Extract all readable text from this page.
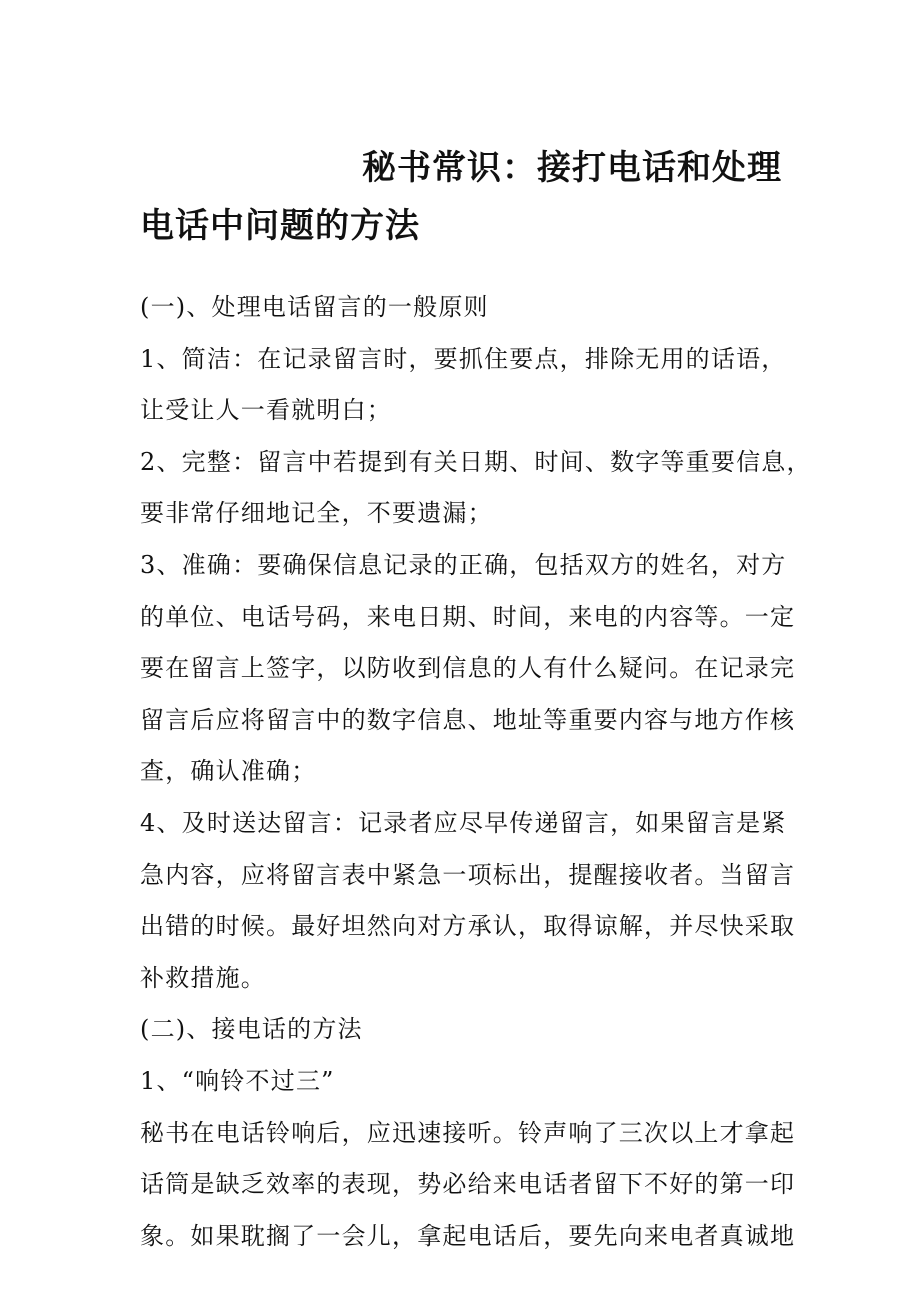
秘书常识：接打电话和处理
电话中问题的方法
(一)、处理电话留言的一般原则
1、简洁：在记录留言时，要抓住要点，排除无用的话语，
让受让人一看就明白；
2、完整：留言中若提到有关日期、时间、数字等重要信息，
要非常仔细地记全，不要遗漏；
3、准确：要确保信息记录的正确，包括双方的姓名，对方
的单位、电话号码，来电日期、时间，来电的内容等。一定
要在留言上签字，以防收到信息的人有什么疑问。在记录完
留言后应将留言中的数字信息、地址等重要内容与地方作核
查，确认准确；
4、及时送达留言：记录者应尽早传递留言，如果留言是紧
急内容，应将留言表中紧急一项标出，提醒接收者。当留言
出错的时候。最好坦然向对方承认，取得谅解，并尽快采取
补救措施。
(二)、接电话的方法
1、“响铃不过三”
秘书在电话铃响后，应迅速接听。铃声响了三次以上才拿起
话筒是缺乏效率的表现，势必给来电话者留下不好的第一印
象。如果耽搁了一会儿，拿起电话后，要先向来电者真诚地
